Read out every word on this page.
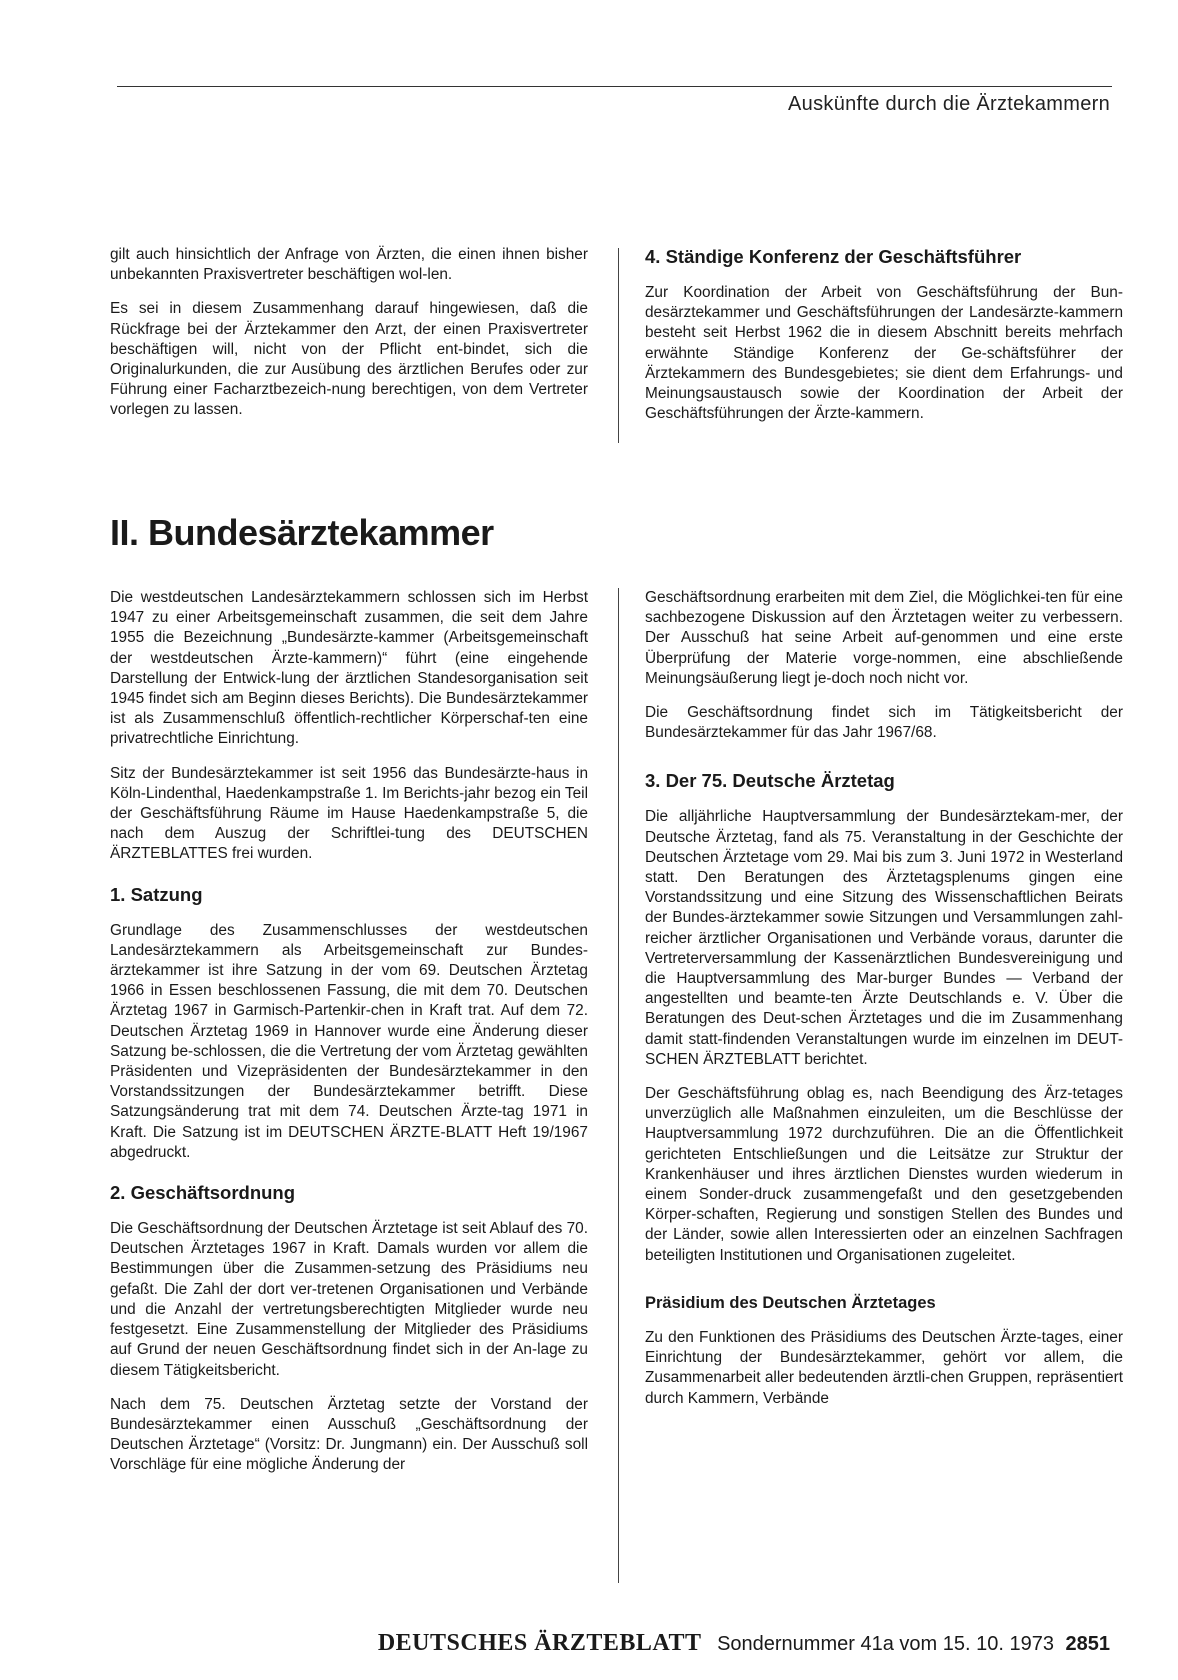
Auskünfte durch die Ärztekammern

gilt auch hinsichtlich der Anfrage von Ärzten, die einen ihnen bisher unbekannten Praxisvertreter beschäftigen wol-len.

Es sei in diesem Zusammenhang darauf hingewiesen, daß die Rückfrage bei der Ärztekammer den Arzt, der einen Praxisvertreter beschäftigen will, nicht von der Pflicht ent-bindet, sich die Originalurkunden, die zur Ausübung des ärztlichen Berufes oder zur Führung einer Facharztbezeich-nung berechtigen, von dem Vertreter vorlegen zu lassen.

4. Ständige Konferenz der Geschäftsführer

Zur Koordination der Arbeit von Geschäftsführung der Bun-desärztekammer und Geschäftsführungen der Landesärzte-kammern besteht seit Herbst 1962 die in diesem Abschnitt bereits mehrfach erwähnte Ständige Konferenz der Ge-schäftsführer der Ärztekammern des Bundesgebietes; sie dient dem Erfahrungs- und Meinungsaustausch sowie der Koordination der Arbeit der Geschäftsführungen der Ärzte-kammern.

II. Bundesärztekammer

Die westdeutschen Landesärztekammern schlossen sich im Herbst 1947 zu einer Arbeitsgemeinschaft zusammen, die seit dem Jahre 1955 die Bezeichnung „Bundesärzte-kammer (Arbeitsgemeinschaft der westdeutschen Ärzte-kammern)“ führt (eine eingehende Darstellung der Entwick-lung der ärztlichen Standesorganisation seit 1945 findet sich am Beginn dieses Berichts). Die Bundesärztekammer ist als Zusammenschluß öffentlich-rechtlicher Körperschaf-ten eine privatrechtliche Einrichtung.

Sitz der Bundesärztekammer ist seit 1956 das Bundesärzte-haus in Köln-Lindenthal, Haedenkampstraße 1. Im Berichts-jahr bezog ein Teil der Geschäftsführung Räume im Hause Haedenkampstraße 5, die nach dem Auszug der Schriftlei-tung des DEUTSCHEN ÄRZTEBLATTES frei wurden.

1. Satzung

Grundlage des Zusammenschlusses der westdeutschen Landesärztekammern als Arbeitsgemeinschaft zur Bundes-ärztekammer ist ihre Satzung in der vom 69. Deutschen Ärztetag 1966 in Essen beschlossenen Fassung, die mit dem 70. Deutschen Ärztetag 1967 in Garmisch-Partenkir-chen in Kraft trat. Auf dem 72. Deutschen Ärztetag 1969 in Hannover wurde eine Änderung dieser Satzung be-schlossen, die die Vertretung der vom Ärztetag gewählten Präsidenten und Vizepräsidenten der Bundesärztekammer in den Vorstandssitzungen der Bundesärztekammer betrifft. Diese Satzungsänderung trat mit dem 74. Deutschen Ärzte-tag 1971 in Kraft. Die Satzung ist im DEUTSCHEN ÄRZTE-BLATT Heft 19/1967 abgedruckt.

2. Geschäftsordnung

Die Geschäftsordnung der Deutschen Ärztetage ist seit Ablauf des 70. Deutschen Ärztetages 1967 in Kraft. Damals wurden vor allem die Bestimmungen über die Zusammen-setzung des Präsidiums neu gefaßt. Die Zahl der dort ver-tretenen Organisationen und Verbände und die Anzahl der vertretungsberechtigten Mitglieder wurde neu festgesetzt. Eine Zusammenstellung der Mitglieder des Präsidiums auf Grund der neuen Geschäftsordnung findet sich in der An-lage zu diesem Tätigkeitsbericht.

Nach dem 75. Deutschen Ärztetag setzte der Vorstand der Bundesärztekammer einen Ausschuß „Geschäftsordnung der Deutschen Ärztetage“ (Vorsitz: Dr. Jungmann) ein. Der Ausschuß soll Vorschläge für eine mögliche Änderung der

Geschäftsordnung erarbeiten mit dem Ziel, die Möglichkei-ten für eine sachbezogene Diskussion auf den Ärztetagen weiter zu verbessern. Der Ausschuß hat seine Arbeit auf-genommen und eine erste Überprüfung der Materie vorge-nommen, eine abschließende Meinungsäußerung liegt je-doch noch nicht vor.

Die Geschäftsordnung findet sich im Tätigkeitsbericht der Bundesärztekammer für das Jahr 1967/68.

3. Der 75. Deutsche Ärztetag

Die alljährliche Hauptversammlung der Bundesärztekam-mer, der Deutsche Ärztetag, fand als 75. Veranstaltung in der Geschichte der Deutschen Ärztetage vom 29. Mai bis zum 3. Juni 1972 in Westerland statt. Den Beratungen des Ärztetagsplenums gingen eine Vorstandssitzung und eine Sitzung des Wissenschaftlichen Beirats der Bundes-ärztekammer sowie Sitzungen und Versammlungen zahl-reicher ärztlicher Organisationen und Verbände voraus, darunter die Vertreterversammlung der Kassenärztlichen Bundesvereinigung und die Hauptversammlung des Mar-burger Bundes — Verband der angestellten und beamte-ten Ärzte Deutschlands e. V. Über die Beratungen des Deut-schen Ärztetages und die im Zusammenhang damit statt-findenden Veranstaltungen wurde im einzelnen im DEUT-SCHEN ÄRZTEBLATT berichtet.

Der Geschäftsführung oblag es, nach Beendigung des Ärz-tetages unverzüglich alle Maßnahmen einzuleiten, um die Beschlüsse der Hauptversammlung 1972 durchzuführen. Die an die Öffentlichkeit gerichteten Entschließungen und die Leitsätze zur Struktur der Krankenhäuser und ihres ärztlichen Dienstes wurden wiederum in einem Sonder-druck zusammengefaßt und den gesetzgebenden Körper-schaften, Regierung und sonstigen Stellen des Bundes und der Länder, sowie allen Interessierten oder an einzelnen Sachfragen beteiligten Institutionen und Organisationen zugeleitet.

Präsidium des Deutschen Ärztetages

Zu den Funktionen des Präsidiums des Deutschen Ärzte-tages, einer Einrichtung der Bundesärztekammer, gehört vor allem, die Zusammenarbeit aller bedeutenden ärztli-chen Gruppen, repräsentiert durch Kammern, Verbände

DEUTSCHES ÄRZTEBLATT Sondernummer 41a vom 15. 10. 1973 2851
